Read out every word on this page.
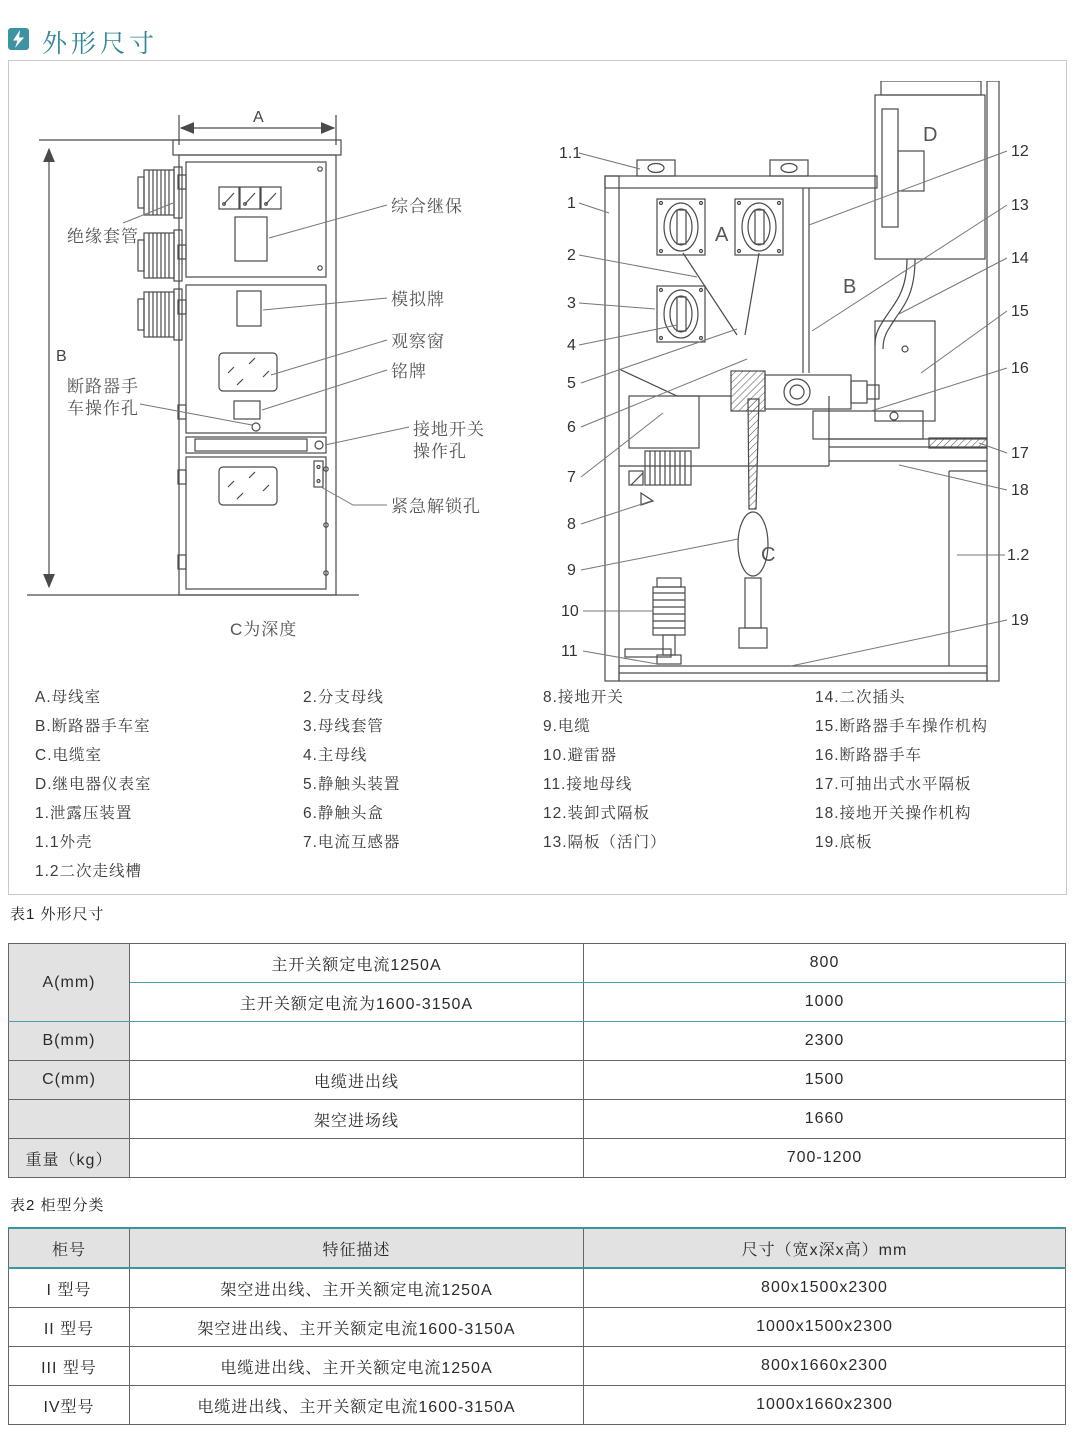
外形尺寸
A
B
绝缘套管
断路器手
车操作孔
综合继保
模拟牌
观察窗
铭牌
接地开关
操作孔
紧急解锁孔
C为深度
A
B
C
D
1.1
1
2
3
4
5
6
7
8
9
10
11
12
13
14
15
16
17
18
1.2
19
A.母线室
B.断路器手车室
C.电缆室
D.继电器仪表室
1.泄露压装置
1.1外壳
1.2二次走线槽
2.分支母线
3.母线套管
4.主母线
5.静触头装置
6.静触头盒
7.电流互感器
8.接地开关
9.电缆
10.避雷器
11.接地母线
12.装卸式隔板
13.隔板（活门）
14.二次插头
15.断路器手车操作机构
16.断路器手车
17.可抽出式水平隔板
18.接地开关操作机构
19.底板
表1 外形尺寸
A(mm)	主开关额定电流1250A	800
	主开关额定电流为1600-3150A	1000
B(mm)		2300
C(mm)	电缆进出线	1500
	架空进场线	1660
重量（kg）		700-1200
表2 柜型分类
柜号	特征描述	尺寸（宽x深x高）mm
I 型号	架空进出线、主开关额定电流1250A	800x1500x2300
II 型号	架空进出线、主开关额定电流1600-3150A	1000x1500x2300
III 型号	电缆进出线、主开关额定电流1250A	800x1660x2300
IV型号	电缆进出线、主开关额定电流1600-3150A	1000x1660x2300
